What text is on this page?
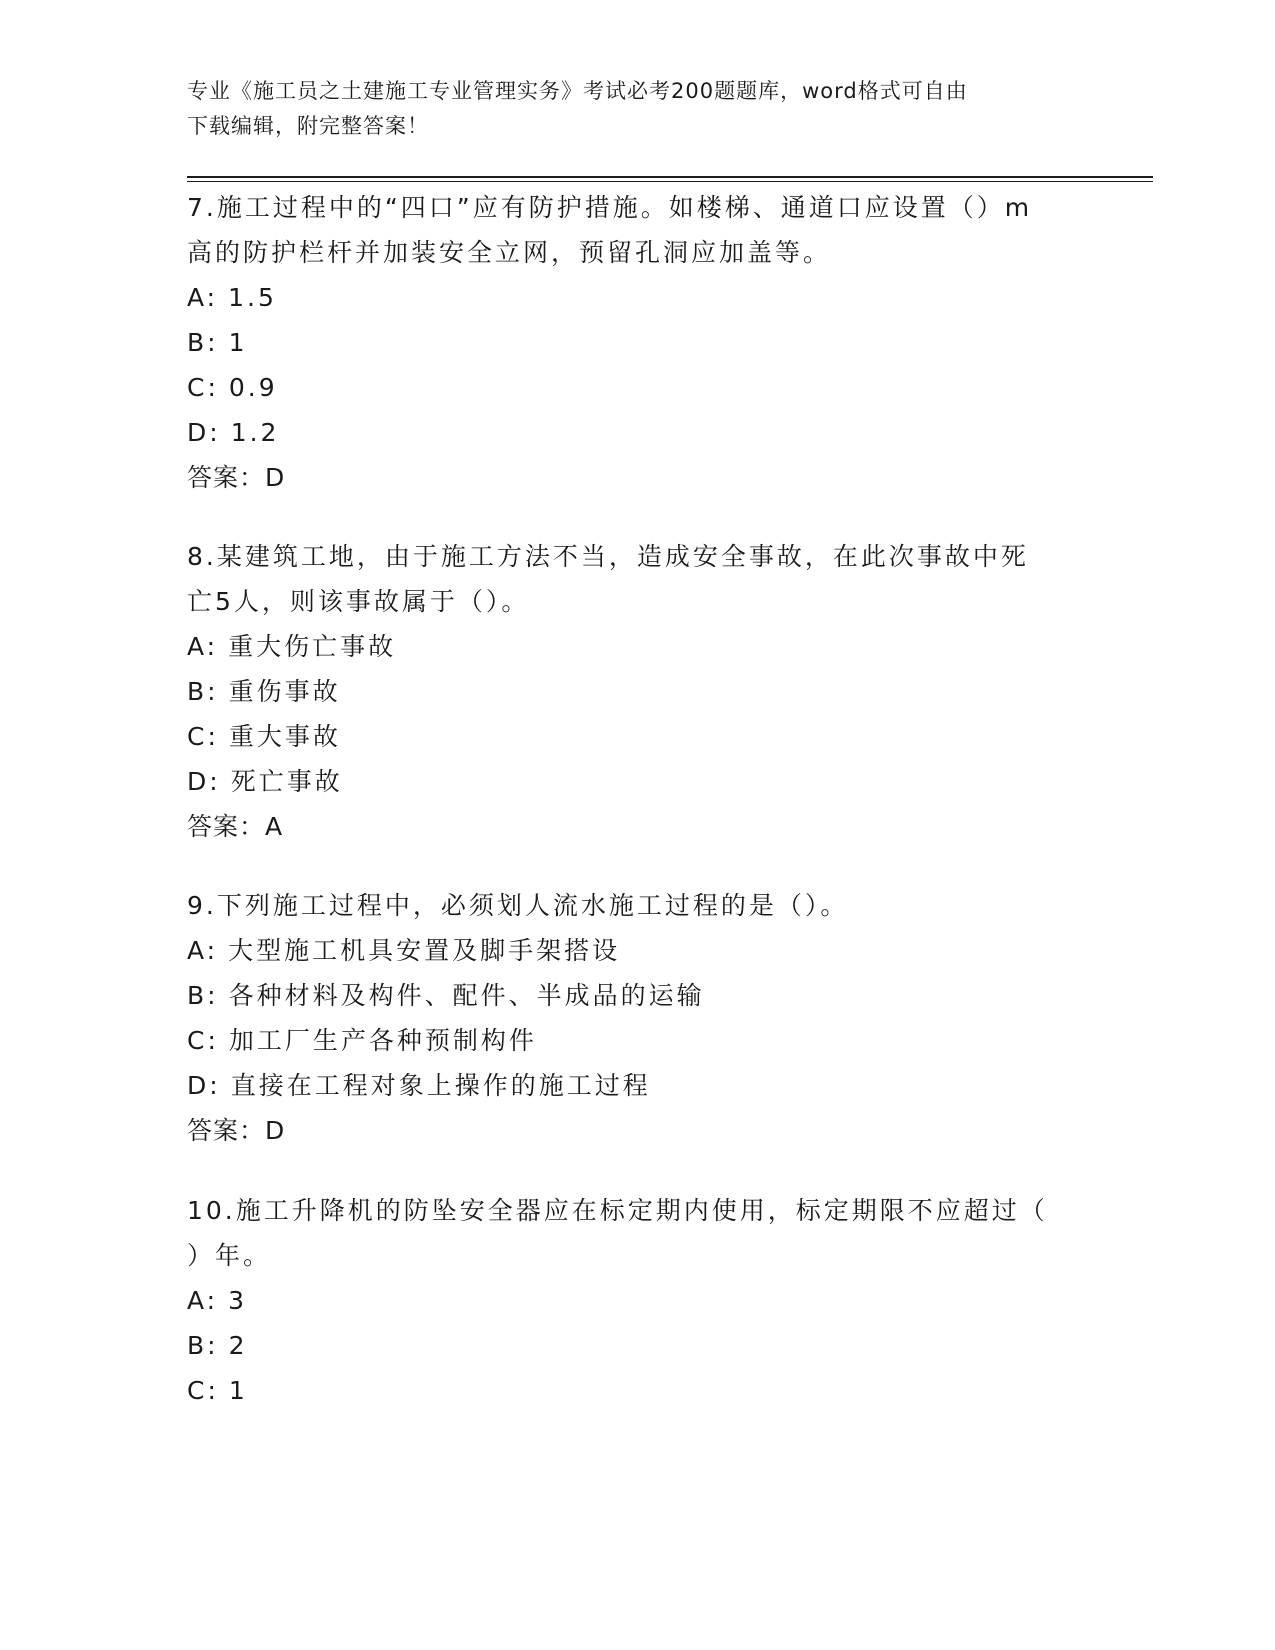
专业《施工员之土建施工专业管理实务》考试必考200题题库，word格式可自由
下载编辑，附完整答案！

7.施工过程中的“四口”应有防护措施。如楼梯、通道口应设置（）m

高的防护栏杆并加装安全立网，预留孔洞应加盖等。

A: 1.5

B: 1

C: 0.9

D: 1.2

答案：D

8.某建筑工地，由于施工方法不当，造成安全事故，在此次事故中死

亡5人，则该事故属于（）。

A: 重大伤亡事故

B: 重伤事故

C: 重大事故

D: 死亡事故

答案：A

9.下列施工过程中，必须划人流水施工过程的是（）。

A: 大型施工机具安置及脚手架搭设

B: 各种材料及构件、配件、半成品的运输

C: 加工厂生产各种预制构件

D: 直接在工程对象上操作的施工过程

答案：D

10.施工升降机的防坠安全器应在标定期内使用，标定期限不应超过（

）年。

A: 3

B: 2

C: 1
